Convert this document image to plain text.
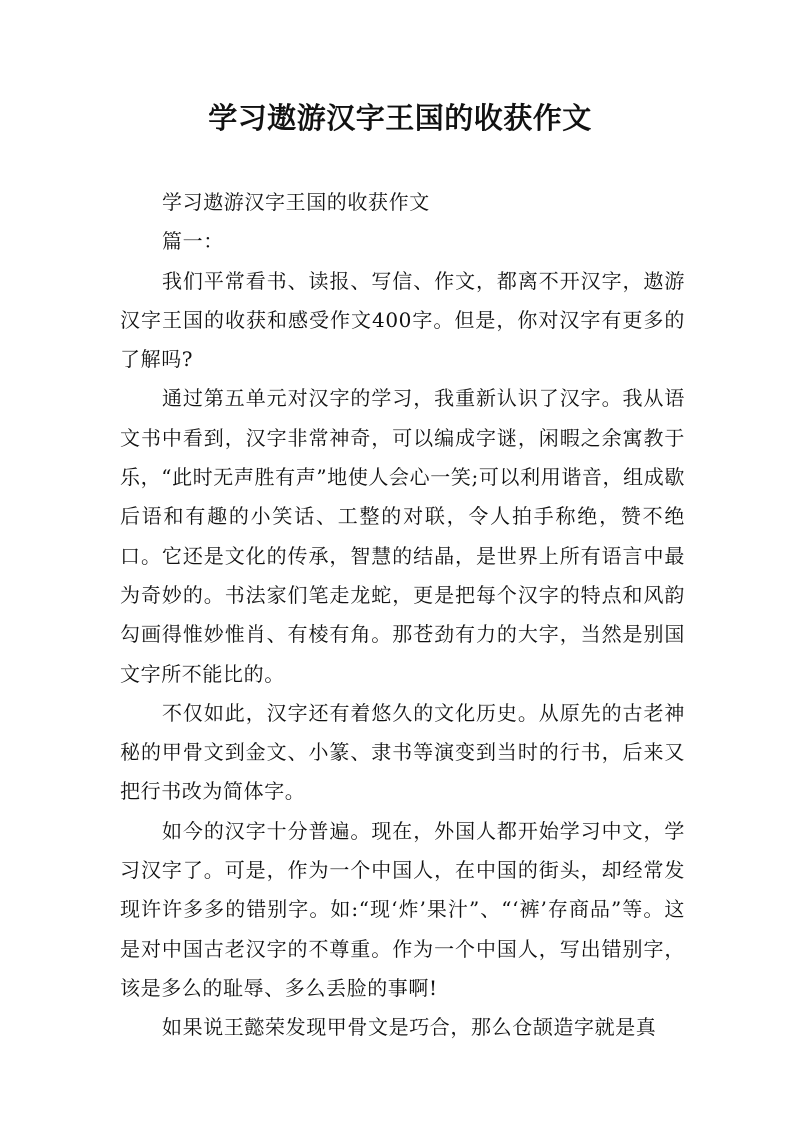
学习遨游汉字王国的收获作文

学习遨游汉字王国的收获作文

篇一：

我们平常看书、读报、写信、作文，都离不开汉字，遨游汉字王国的收获和感受作文400字。但是，你对汉字有更多的了解吗?

通过第五单元对汉字的学习，我重新认识了汉字。我从语文书中看到，汉字非常神奇，可以编成字谜，闲暇之余寓教于乐，“此时无声胜有声”地使人会心一笑;可以利用谐音，组成歇后语和有趣的小笑话、工整的对联，令人拍手称绝，赞不绝口。它还是文化的传承，智慧的结晶，是世界上所有语言中最为奇妙的。书法家们笔走龙蛇，更是把每个汉字的特点和风韵勾画得惟妙惟肖、有棱有角。那苍劲有力的大字，当然是别国文字所不能比的。

不仅如此，汉字还有着悠久的文化历史。从原先的古老神秘的甲骨文到金文、小篆、隶书等演变到当时的行书，后来又把行书改为简体字。

如今的汉字十分普遍。现在，外国人都开始学习中文，学习汉字了。可是，作为一个中国人，在中国的街头，却经常发现许许多多的错别字。如:“现‘炸’果汁”、“‘裤’存商品”等。这是对中国古老汉字的不尊重。作为一个中国人，写出错别字，该是多么的耻辱、多么丢脸的事啊!

如果说王懿荣发现甲骨文是巧合，那么仓颉造字就是真
